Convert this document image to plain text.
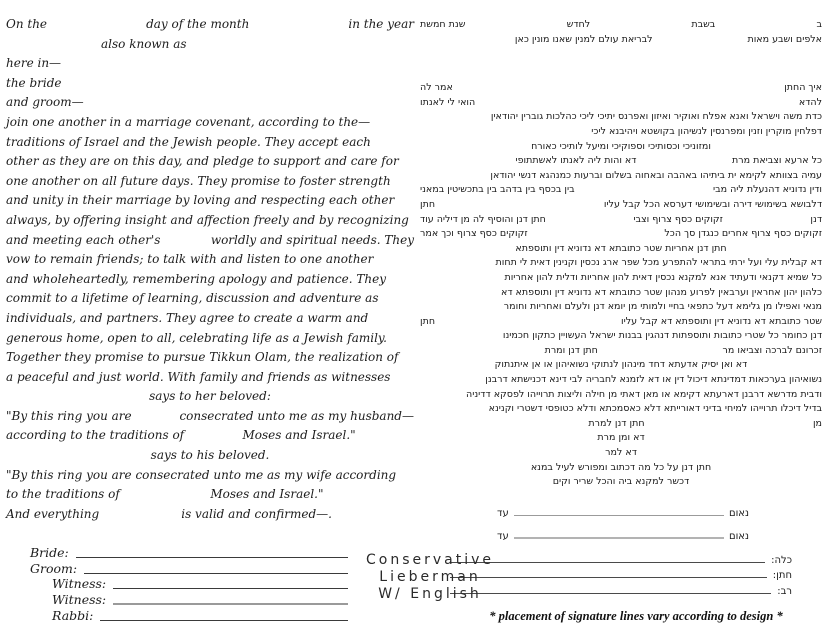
On the	day of the month	in the year
also known as
here in—
the bride
and groom—
join one another in a marriage covenant, according to the—
traditions of Israel and the Jewish people. They accept each
other as they are on this day, and pledge to support and care for
one another on all future days. They promise to foster strength
and unity in their marriage by loving and respecting each other
always, by offering insight and affection freely and by recognizing
and meeting each other's	worldly and spiritual needs. They
vow to remain friends; to talk with and listen to one another
and wholeheartedly, remembering apology and patience. They
commit to a lifetime of learning, discussion and adventure as
individuals, and partners. They agree to create a warm and
generous home, open to all, celebrating life as a Jewish family.
Together they promise to pursue Tikkun Olam, the realization of
a peaceful and just world. With family and friends as witnesses
says to her beloved:
"By this ring you are	consecrated unto me as my husband—
according to the traditions of	Moses and Israel."
says to his beloved.
"By this ring you are consecrated unto me as my wife according
to the traditions of	Moses and Israel."
And everything	is valid and confirmed—.
ב
בשבת
לחדש
שנת חמשת
אלפים ושבע מאות
לבריאת עולם למנין שאנו מונין כאן
איך החתן
אמר לה
להדא
הואי לי לאנתו
כדת משה וישראל ואנא אפלח ואוקיר ואיזון ואפרנס יתיכי ליכי כהלכות גוברין יהודאין
דפלחין מוקרין וזנין ומפרנסין לנשיהון בקושטא ויהיבנא ליכי
ומזוניכי וכסותיכי וספוקיכי ומיעל לותיכי כאורח
כל ארעא וצביאת מרת
דא והות ליה לאנתו לאשתתופי
עמיה בצוותא לקימא ית ביתיהו באהבה ובאחוה בשלום וברעות כמנהגא דנשי יהודאן
ודין נדוניא דהנעלת ליה מבי
בין בכסף בין בדהב בין בתכשיטין במאני
דלבושא בשימושי דירה ובשימושי דערסא הכל קבל עליו
חתן
דנן
זקוקים כסף צרוף וצבי
חתן דנן והוסיף לה מן דיליה עוד
זקוקים כסף צרוף אחרים כנגדן סך הכל
זקוקים כסף צרוף וכך אמר
חתן דנן אחריות שטר כתובתא דא נדוניא דין ותוספתא
דא קבלית עלי ועל ירתי בתראי להתפרע מכל שפר ארג נכסין וקנינין דאית לי תחות
כל שמיא דקנאי ודעתיד אנא למקנא נכסין דאית להון אחריות ודלית להון אחריות
כלהון יהון אחראין וערבאין לפרוע מנהון שטר כתובתא דא נדוניא דין ותוספתא דא
מנאי ואפילו מן גלימא דעל כתפאי בחיי ולמותי מן יומא דנן ולעלם ואחריות וחומר
שטר כתובתא דא נדוניא דין ותוספתא דא קבל עליו
חתן
דנן כחומר כל שטרי כתובות ותוספתות דנהגין בבנות ישראל העשויין כתקון חכמינו
זכרונם לברכה וצביאו מר
חתן דנן ומרת
דא ואן יסיק אדעתא דחד מינהון לנתוקי נשואיהון או אן איתנתוק
נשואיהון בערכאות דמדינתא דיכול דין או דא לזמנא לחבריה לבי דינא דכנישתא דרבנן
ודבית מדרשא דרבנן דארעתא דקימא או מאן דאתי מן חילה וליצות תרוייהו לפסקא דדיניה
בדיל דיכלו תרוייהו למיחי בדיני דאורייתא דלא כאסמכתא ודלא כטופסי דשטרי וקנינא
מן
חתן דנן למרת
דא ומן מרת
דא למר
חתן דנן על כל מה דכתוב ומפורש לעיל במנא
דכשר למקנא ביה והכל שריר וקים
נאום
עד
נאום
עד
Bride:
Groom:
Witness:
Witness:
Rabbi:
כלה:
חתן:
רב:
Conservative Lieberman
W/ English
* placement of signature lines vary according to design *
